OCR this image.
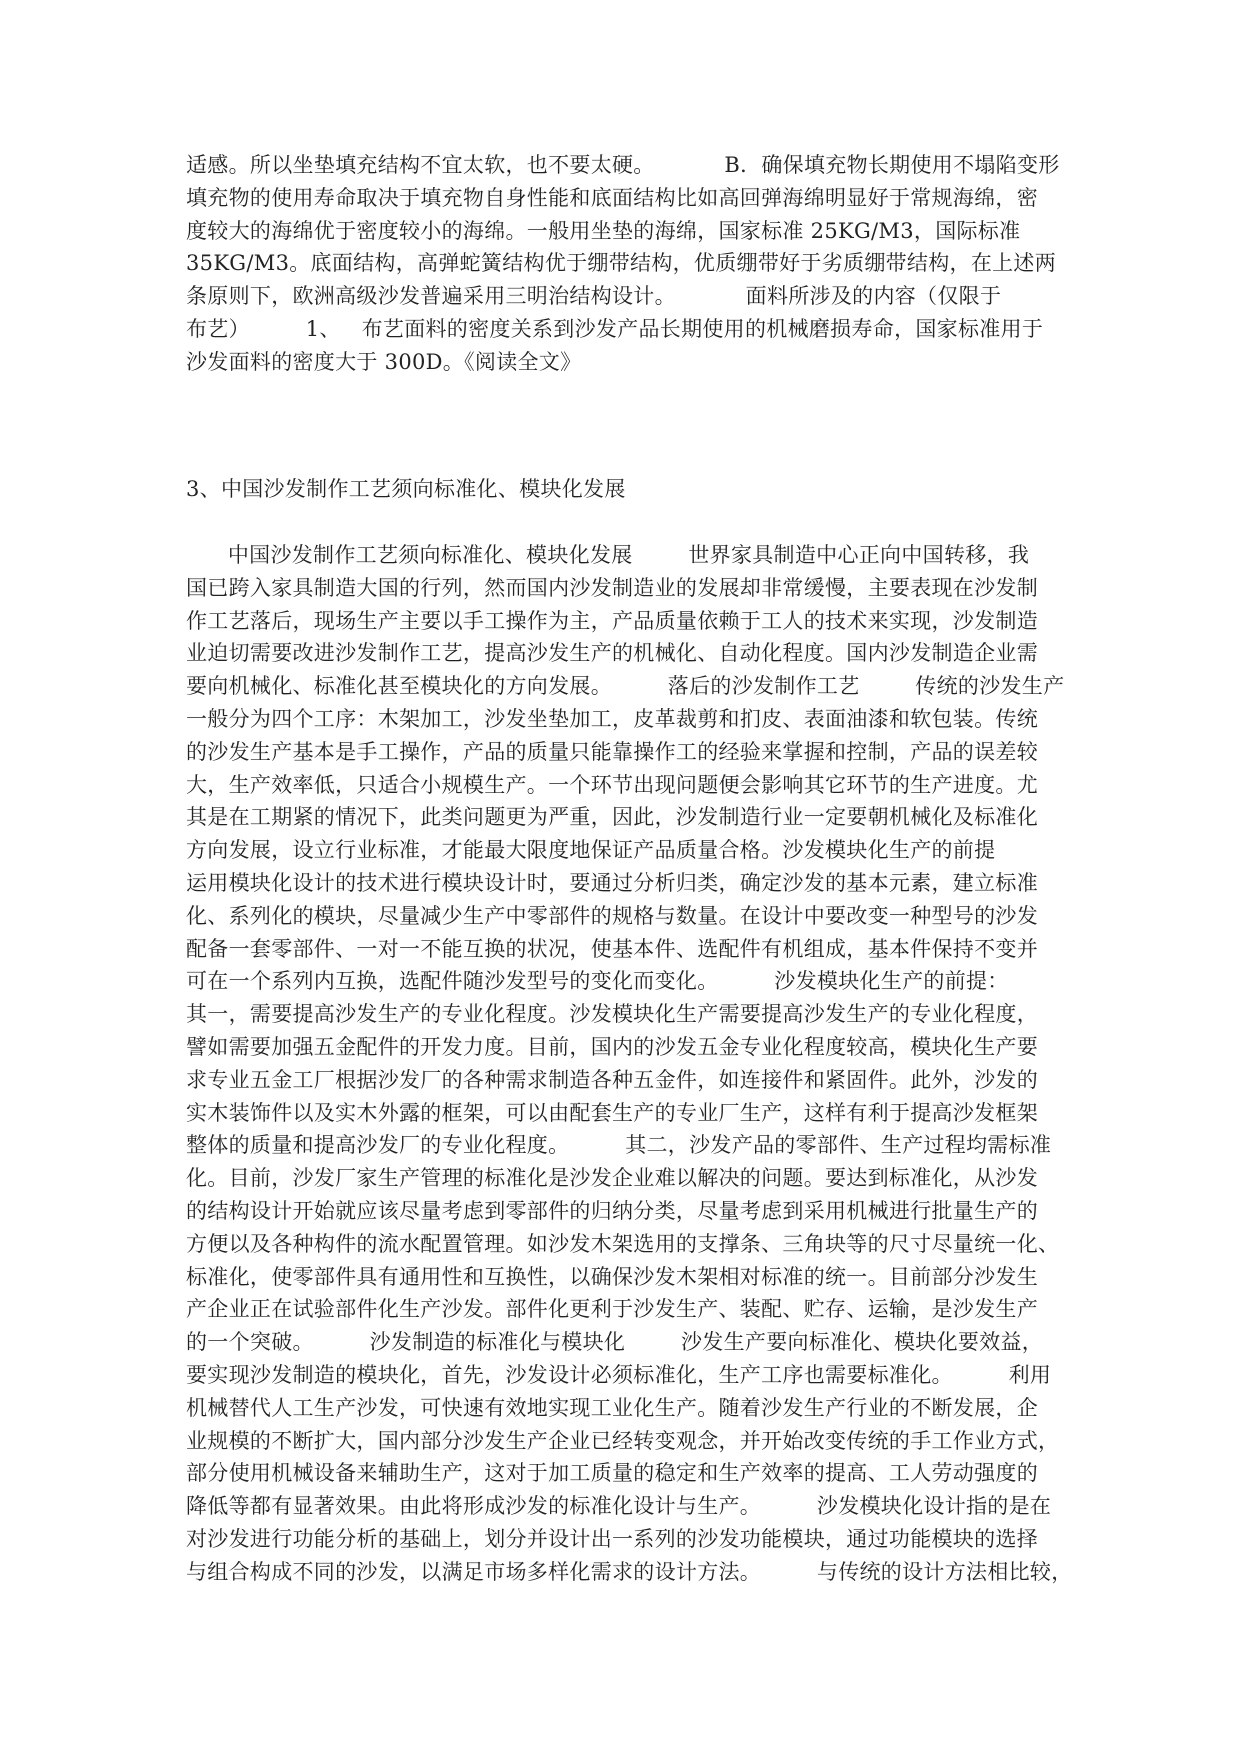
适感。所以坐垫填充结构不宜太软，也不要太硬。          B．确保填充物长期使用不塌陷变形
填充物的使用寿命取决于填充物自身性能和底面结构比如高回弹海绵明显好于常规海绵，密
度较大的海绵优于密度较小的海绵。一般用坐垫的海绵，国家标准 25KG/M3，国际标准
35KG/M3。底面结构，高弹蛇簧结构优于绷带结构，优质绷带好于劣质绷带结构，在上述两
条原则下，欧洲高级沙发普遍采用三明治结构设计。          面料所涉及的内容（仅限于
布艺）        1、   布艺面料的密度关系到沙发产品长期使用的机械磨损寿命，国家标准用于
沙发面料的密度大于 300D。《阅读全文》
3、中国沙发制作工艺须向标准化、模块化发展
中国沙发制作工艺须向标准化、模块化发展        世界家具制造中心正向中国转移，我
国已跨入家具制造大国的行列，然而国内沙发制造业的发展却非常缓慢，主要表现在沙发制
作工艺落后，现场生产主要以手工操作为主，产品质量依赖于工人的技术来实现，沙发制造
业迫切需要改进沙发制作工艺，提高沙发生产的机械化、自动化程度。国内沙发制造企业需
要向机械化、标准化甚至模块化的方向发展。        落后的沙发制作工艺        传统的沙发生产
一般分为四个工序：木架加工，沙发坐垫加工，皮革裁剪和扪皮、表面油漆和软包装。传统
的沙发生产基本是手工操作，产品的质量只能靠操作工的经验来掌握和控制，产品的误差较
大，生产效率低，只适合小规模生产。一个环节出现问题便会影响其它环节的生产进度。尤
其是在工期紧的情况下，此类问题更为严重，因此，沙发制造行业一定要朝机械化及标准化
方向发展，设立行业标准，才能最大限度地保证产品质量合格。沙发模块化生产的前提
运用模块化设计的技术进行模块设计时，要通过分析归类，确定沙发的基本元素，建立标准
化、系列化的模块，尽量减少生产中零部件的规格与数量。在设计中要改变一种型号的沙发
配备一套零部件、一对一不能互换的状况，使基本件、选配件有机组成，基本件保持不变并
可在一个系列内互换，选配件随沙发型号的变化而变化。        沙发模块化生产的前提：
其一，需要提高沙发生产的专业化程度。沙发模块化生产需要提高沙发生产的专业化程度，
譬如需要加强五金配件的开发力度。目前，国内的沙发五金专业化程度较高，模块化生产要
求专业五金工厂根据沙发厂的各种需求制造各种五金件，如连接件和紧固件。此外，沙发的
实木装饰件以及实木外露的框架，可以由配套生产的专业厂生产，这样有利于提高沙发框架
整体的质量和提高沙发厂的专业化程度。        其二，沙发产品的零部件、生产过程均需标准
化。目前，沙发厂家生产管理的标准化是沙发企业难以解决的问题。要达到标准化，从沙发
的结构设计开始就应该尽量考虑到零部件的归纳分类，尽量考虑到采用机械进行批量生产的
方便以及各种构件的流水配置管理。如沙发木架选用的支撑条、三角块等的尺寸尽量统一化、
标准化，使零部件具有通用性和互换性，以确保沙发木架相对标准的统一。目前部分沙发生
产企业正在试验部件化生产沙发。部件化更利于沙发生产、装配、贮存、运输，是沙发生产
的一个突破。        沙发制造的标准化与模块化        沙发生产要向标准化、模块化要效益，
要实现沙发制造的模块化，首先，沙发设计必须标准化，生产工序也需要标准化。        利用
机械替代人工生产沙发，可快速有效地实现工业化生产。随着沙发生产行业的不断发展，企
业规模的不断扩大，国内部分沙发生产企业已经转变观念，并开始改变传统的手工作业方式，
部分使用机械设备来辅助生产，这对于加工质量的稳定和生产效率的提高、工人劳动强度的
降低等都有显著效果。由此将形成沙发的标准化设计与生产。        沙发模块化设计指的是在
对沙发进行功能分析的基础上，划分并设计出一系列的沙发功能模块，通过功能模块的选择
与组合构成不同的沙发，以满足市场多样化需求的设计方法。        与传统的设计方法相比较，
